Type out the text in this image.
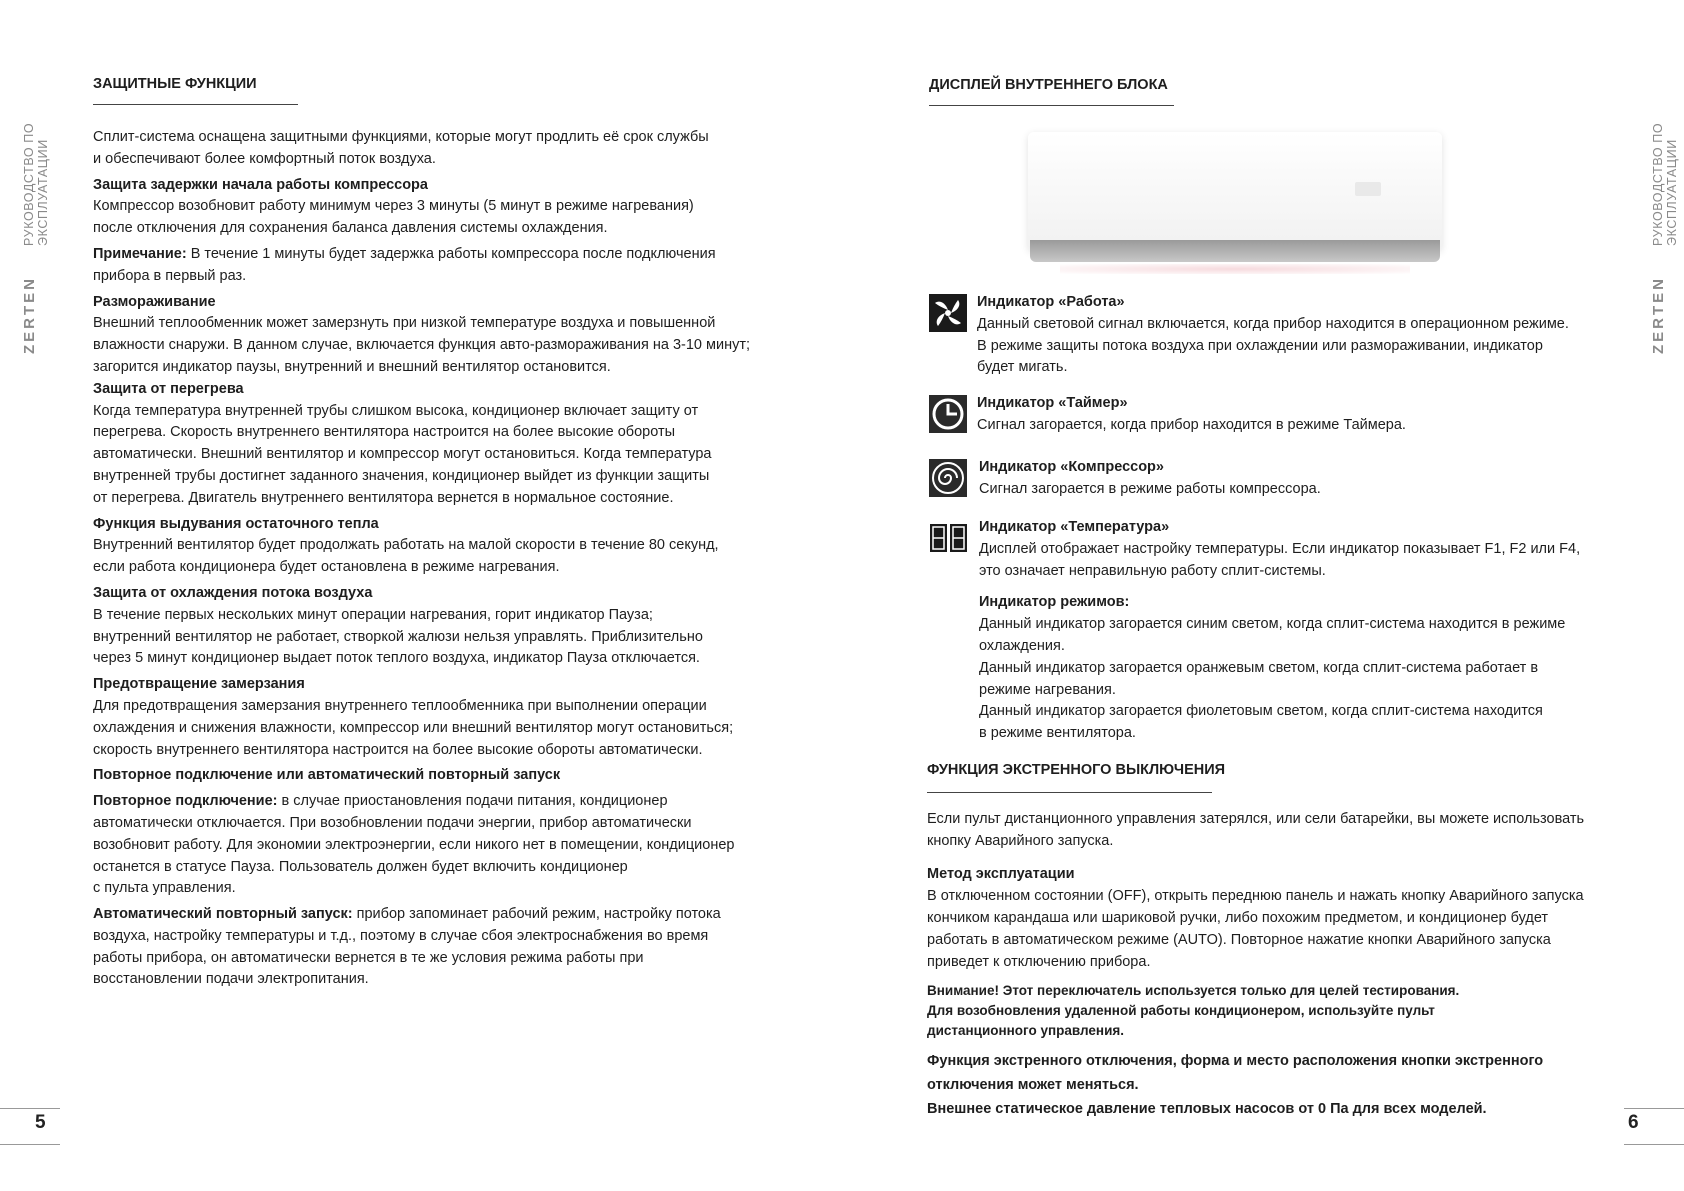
РУКОВОДСТВО ПО ЭКСПЛУАТАЦИИ
ZERTEN
РУКОВОДСТВО ПО ЭКСПЛУАТАЦИИ
ZERTEN
5	6
ЗАЩИТНЫЕ ФУНКЦИИ

Сплит-система оснащена защитными функциями, которые могут продлить её срок службы

и обеспечивают более комфортный поток воздуха.

Защита задержки начала работы компрессора

Компрессор возобновит работу минимум через 3 минуты (5 минут в режиме нагревания)

после отключения для сохранения баланса давления системы охлаждения.

Примечание: В течение 1 минуты будет задержка работы компрессора после подключения

прибора в первый раз.

Размораживание

Внешний теплообменник может замерзнуть при низкой температуре воздуха и повышенной

влажности снаружи. В данном случае, включается функция авто-размораживания на 3-10 минут;

загорится индикатор паузы, внутренний и внешний вентилятор остановится.

Защита от перегрева

Когда температура внутренней трубы слишком высока, кондиционер включает защиту от

перегрева. Скорость внутреннего вентилятора настроится на более высокие обороты

автоматически. Внешний вентилятор и компрессор могут остановиться. Когда температура

внутренней трубы достигнет заданного значения, кондиционер выйдет из функции защиты

от перегрева. Двигатель внутреннего вентилятора вернется в нормальное состояние.

Функция выдувания остаточного тепла

Внутренний вентилятор будет продолжать работать на малой скорости в течение 80 секунд,

если работа кондиционера будет остановлена в режиме нагревания.

Защита от охлаждения потока воздуха

В течение первых нескольких минут операции нагревания, горит индикатор Пауза;

внутренний вентилятор не работает, створкой жалюзи нельзя управлять. Приблизительно

через 5 минут кондиционер выдает поток теплого воздуха, индикатор Пауза отключается.

Предотвращение замерзания

Для предотвращения замерзания внутреннего теплообменника при выполнении операции

охлаждения и снижения влажности, компрессор или внешний вентилятор могут остановиться;

скорость внутреннего вентилятора настроится на более высокие обороты автоматически.

Повторное подключение или автоматический повторный запуск

Повторное подключение: в случае приостановления подачи питания, кондиционер

автоматически отключается. При возобновлении подачи энергии, прибор автоматически

возобновит работу. Для экономии электроэнергии, если никого нет в помещении, кондиционер

останется в статусе Пауза. Пользователь должен будет включить кондиционер

с пульта управления.

Автоматический повторный запуск: прибор запоминает рабочий режим, настройку потока

воздуха, настройку температуры и т.д., поэтому в случае сбоя электроснабжения во время

работы прибора, он автоматически вернется в те же условия режима работы при

восстановлении подачи электропитания.

ДИСПЛЕЙ ВНУТРЕННЕГО БЛОКА

Индикатор «Работа»

Данный световой сигнал включается, когда прибор находится в операционном режиме.

В режиме защиты потока воздуха при охлаждении или размораживании, индикатор

будет мигать.

Индикатор «Таймер»

Сигнал загорается, когда прибор находится в режиме Таймера.

Индикатор «Компрессор»

Сигнал загорается в режиме работы компрессора.

Индикатор «Температура»

Дисплей отображает настройку температуры. Если индикатор показывает F1, F2 или F4,

это означает неправильную работу сплит-системы.

Индикатор режимов:

Данный индикатор загорается синим светом, когда сплит-система находится в режиме

охлаждения.

Данный индикатор загорается оранжевым светом, когда сплит-система работает в

режиме нагревания.

Данный индикатор загорается фиолетовым светом, когда сплит-система находится

в режиме вентилятора.

ФУНКЦИЯ ЭКСТРЕННОГО ВЫКЛЮЧЕНИЯ

Если пульт дистанционного управления затерялся, или сели батарейки, вы можете использовать

кнопку Аварийного запуска.

Метод эксплуатации

В отключенном состоянии (OFF), открыть переднюю панель и нажать кнопку Аварийного запуска

кончиком карандаша или шариковой ручки, либо похожим предметом, и кондиционер будет

работать в автоматическом режиме (AUTO). Повторное нажатие кнопки Аварийного запуска

приведет к отключению прибора.

Внимание! Этот переключатель используется только для целей тестирования.

Для возобновления удаленной работы кондиционером, используйте пульт

дистанционного управления.

Функция экстренного отключения, форма и место расположения кнопки экстренного

отключения может меняться.

Внешнее статическое давление тепловых насосов от 0 Па для всех моделей.
